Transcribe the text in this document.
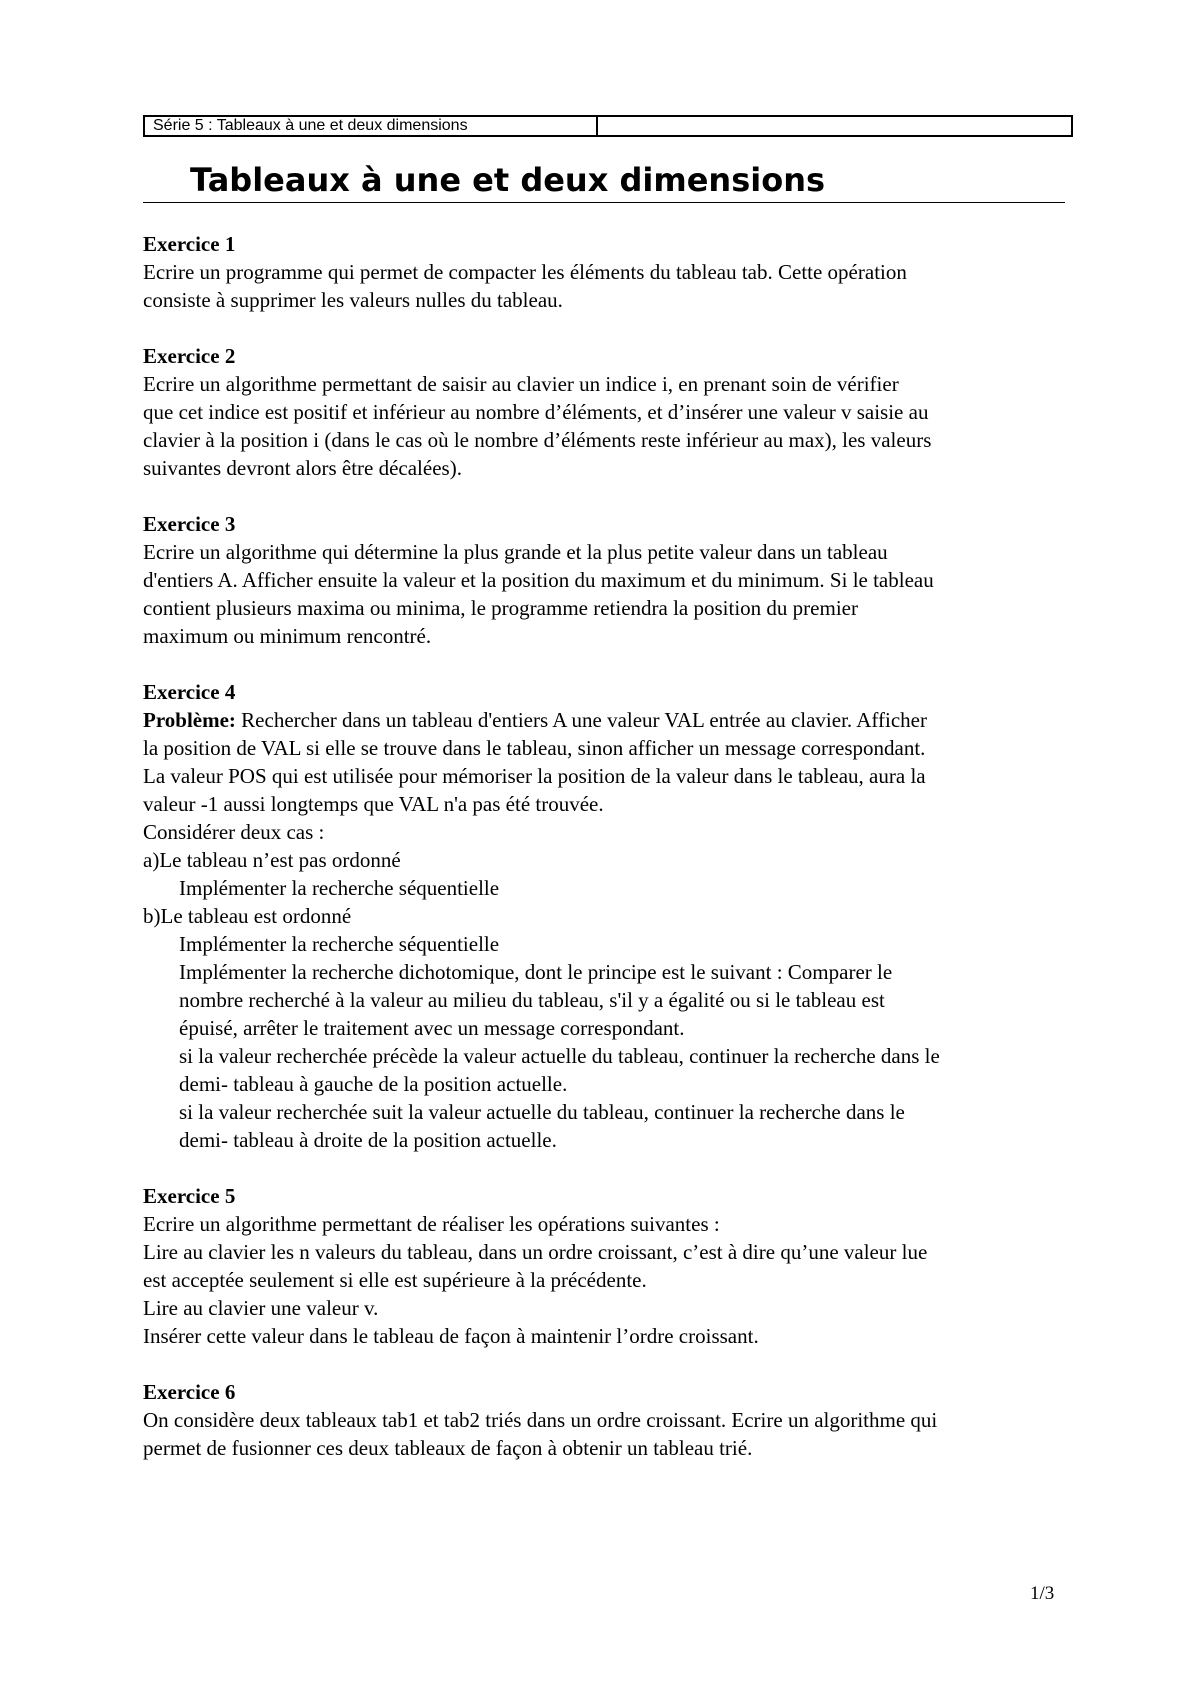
Série 5 : Tableaux à une et deux dimensions
Tableaux à une et deux dimensions
Exercice 1

Ecrire un programme qui permet de compacter les éléments du tableau tab. Cette opération

consiste à supprimer les valeurs nulles du tableau.

Exercice 2

Ecrire un algorithme permettant de saisir au clavier un indice i, en prenant soin de vérifier

que cet indice est positif et inférieur au nombre d’éléments, et d’insérer une valeur v saisie au

clavier à la position i (dans le cas où le nombre d’éléments reste inférieur au max), les valeurs

suivantes devront alors être décalées).

Exercice 3

Ecrire un algorithme qui détermine la plus grande et la plus petite valeur dans un tableau

d'entiers A. Afficher ensuite la valeur et la position du maximum et du minimum. Si le tableau

contient plusieurs maxima ou minima, le programme retiendra la position du premier

maximum ou minimum rencontré.

Exercice 4

Problème: Rechercher dans un tableau d'entiers A une valeur VAL entrée au clavier. Afficher

la position de VAL si elle se trouve dans le tableau, sinon afficher un message correspondant.

La valeur POS qui est utilisée pour mémoriser la position de la valeur dans le tableau, aura la

valeur -1 aussi longtemps que VAL n'a pas été trouvée.

Considérer deux cas :

a)Le tableau n’est pas ordonné

Implémenter la recherche séquentielle

b)Le tableau est ordonné

Implémenter la recherche séquentielle

Implémenter la recherche dichotomique, dont le principe est le suivant : Comparer le

nombre recherché à la valeur au milieu du tableau, s'il y a égalité ou si le tableau est

épuisé, arrêter le traitement avec un message correspondant.

si la valeur recherchée précède la valeur actuelle du tableau, continuer la recherche dans le

demi- tableau à gauche de la position actuelle.

si la valeur recherchée suit la valeur actuelle du tableau, continuer la recherche dans le

demi- tableau à droite de la position actuelle.

Exercice 5

Ecrire un algorithme permettant de réaliser les opérations suivantes :

Lire au clavier les n valeurs du tableau, dans un ordre croissant, c’est à dire qu’une valeur lue

est acceptée seulement si elle est supérieure à la précédente.

Lire au clavier une valeur v.

Insérer cette valeur dans le tableau de façon à maintenir l’ordre croissant.

Exercice 6

On considère deux tableaux tab1 et tab2 triés dans un ordre croissant. Ecrire un algorithme qui

permet de fusionner ces deux tableaux de façon à obtenir un tableau trié.

1/3
